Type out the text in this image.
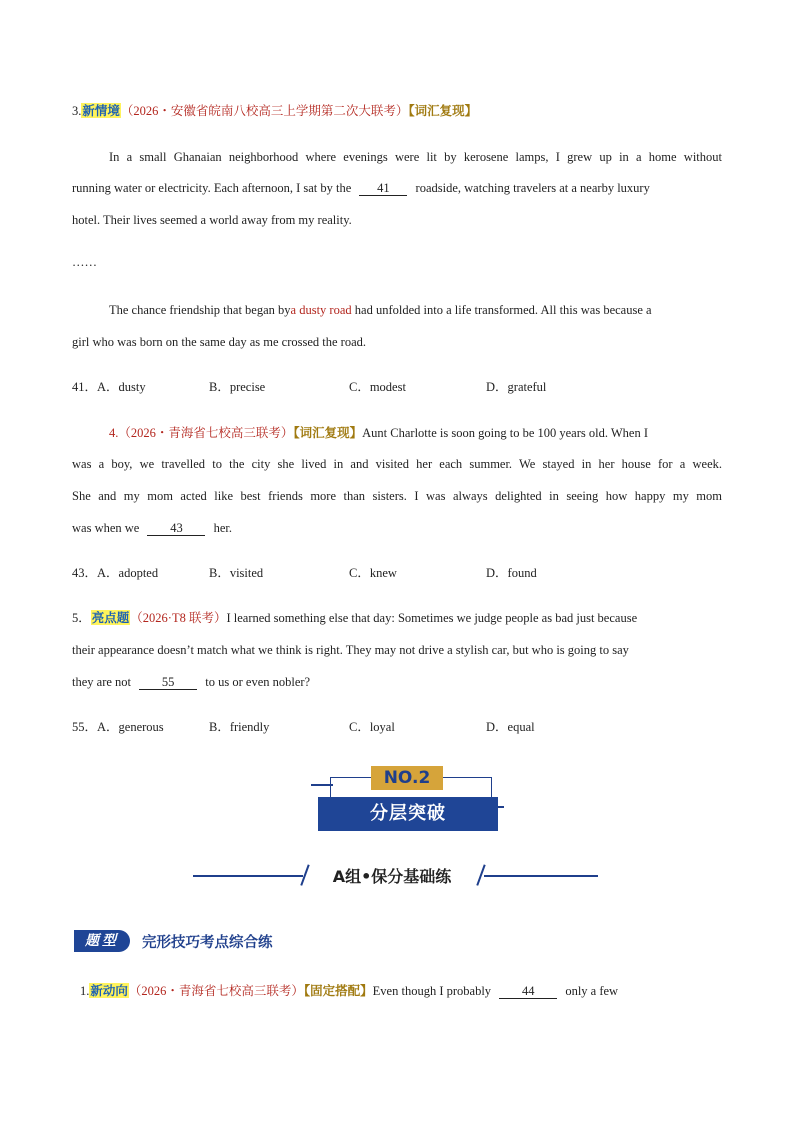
3.新情境（2026・安徽省皖南八校高三上学期第二次大联考）【词汇复现】
In a small Ghanaian neighborhood where evenings were lit by kerosene lamps, I grew up in a home without
running water or electricity. Each afternoon, I sat by the 41 roadside, watching travelers at a nearby luxury
hotel. Their lives seemed a world away from my reality.
……
The chance friendship that began bya dusty road had unfolded into a life transformed. All this was because a
girl who was born on the same day as me crossed the road.
41．A．dusty	B．precise	C．modest	D．grateful
4.（2026・青海省七校高三联考）【词汇复现】Aunt Charlotte is soon going to be 100 years old. When I
was a boy, we travelled to the city she lived in and visited her each summer. We stayed in her house for a week.
She and my mom acted like best friends more than sisters. I was always delighted in seeing how happy my mom
was when we 43 her.
43．A．adopted	B．visited	C．knew	D．found
5．亮点题（2026·T8 联考）I learned something else that day: Sometimes we judge people as bad just because
their appearance doesn’t match what we think is right. They may not drive a stylish car, but who is going to say
they are not 55 to us or even nobler?
55．A．generous	B．friendly	C．loyal	D．equal
NO.2
分层突破
A组•保分基础练
题型	完形技巧考点综合练
1.新动向（2026・青海省七校高三联考）【固定搭配】Even though I probably 44 only a few
